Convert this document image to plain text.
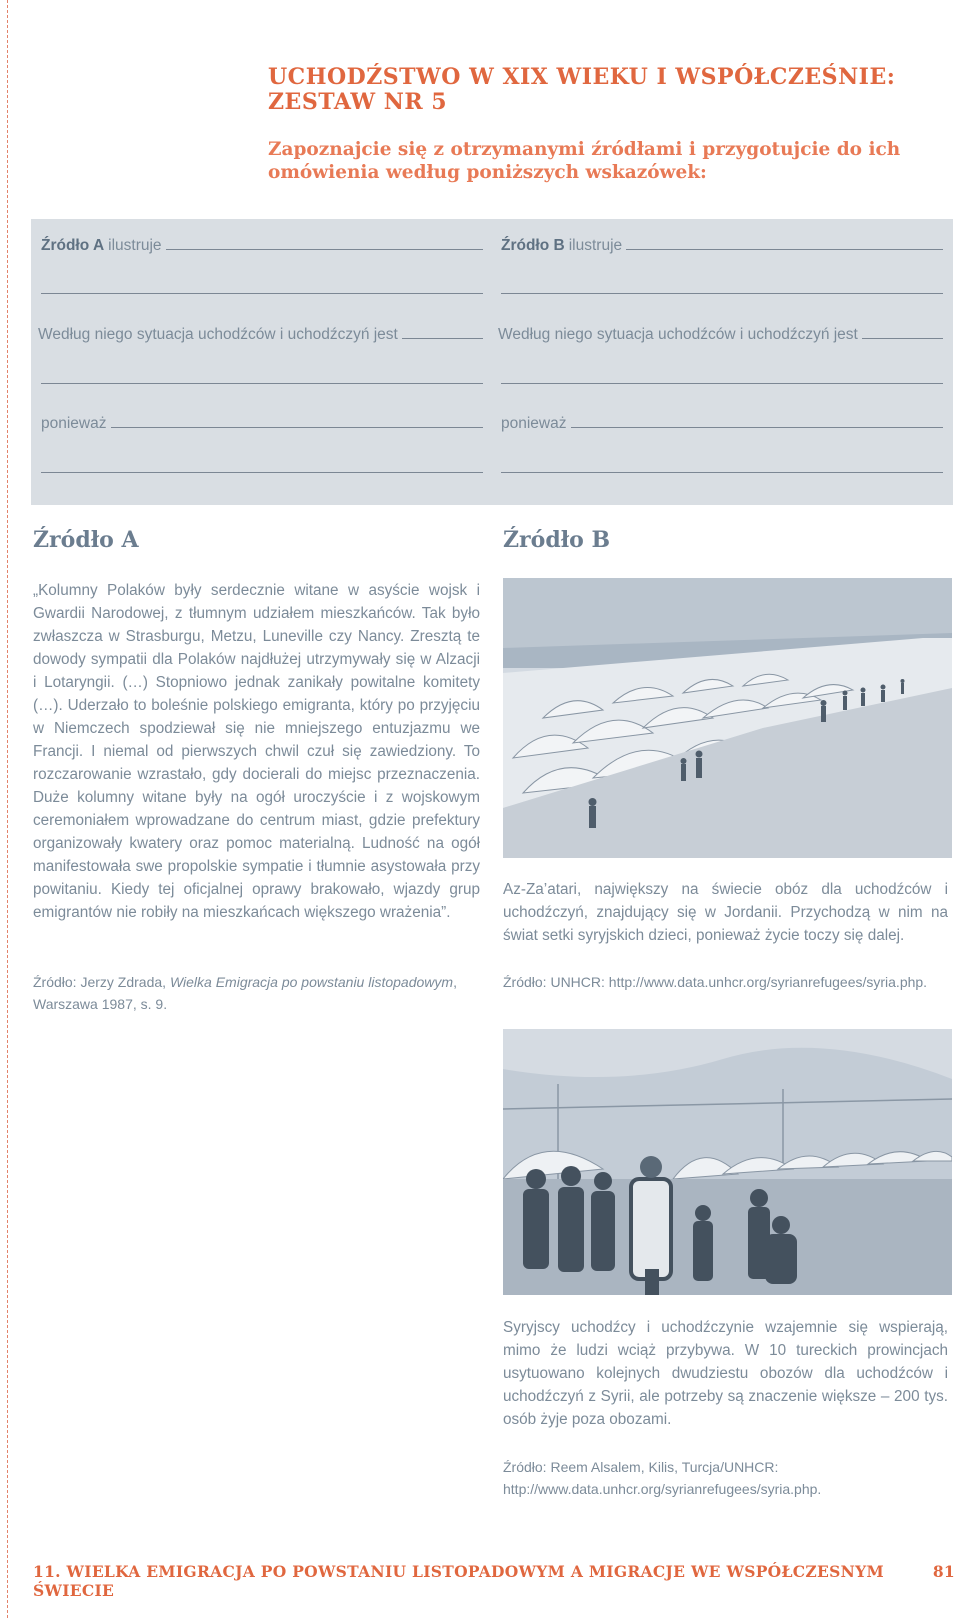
UCHODŹSTWO W XIX WIEKU I WSPÓŁCZEŚNIE:
ZESTAW NR 5

Zapoznajcie się z otrzymanymi źródłami i przygotujcie do ich omówienia według poniższych wskazówek:

Źródło A ilustruje
Według niego sytuacja uchodźców i uchodźczyń jest
ponieważ
Źródło B ilustruje
Według niego sytuacja uchodźców i uchodźczyń jest
ponieważ
Źródło A	Źródło B

„Kolumny Polaków były serdecznie witane w asyście wojsk i Gwardii Narodowej, z tłumnym udziałem mieszkańców. Tak było zwłaszcza w Strasburgu, Metzu, Luneville czy Nancy. Zresztą te dowody sympatii dla Polaków najdłużej utrzymywały się w Alzacji i Lotaryngii. (…) Stopniowo jednak zanikały powitalne komitety (…). Uderzało to boleśnie polskiego emigranta, który po przyjęciu w Niemczech spodziewał się nie mniejszego entuzjazmu we Francji. I niemal od pierwszych chwil czuł się zawiedziony. To rozczarowanie wzrastało, gdy docierali do miejsc przeznaczenia. Duże kolumny witane były na ogół uroczyście i z wojskowym ceremoniałem wprowadzane do centrum miast, gdzie prefektury organizowały kwatery oraz pomoc materialną. Ludność na ogół manifestowała swe propolskie sympatie i tłumnie asystowała przy powitaniu. Kiedy tej oficjalnej oprawy brakowało, wjazdy grup emigrantów nie robiły na mieszkańcach większego wrażenia”.

Źródło: Jerzy Zdrada, Wielka Emigracja po powstaniu listopadowym, Warszawa 1987, s. 9.

Az-Za’atari, największy na świecie obóz dla uchodźców i uchodźczyń, znajdujący się w Jordanii. Przychodzą w nim na świat setki syryjskich dzieci, ponieważ życie toczy się dalej.

Źródło: UNHCR: http://www.data.unhcr.org/syrianrefugees/syria.php.

Syryjscy uchodźcy i uchodźczynie wzajemnie się wspierają, mimo że ludzi wciąż przybywa. W 10 tureckich prowincjach usytuowano kolejnych dwudziestu obozów dla uchodźców i uchodźczyń z Syrii, ale potrzeby są znaczenie większe – 200 tys. osób żyje poza obozami.

Źródło: Reem Alsalem, Kilis, Turcja/UNHCR:
http://www.data.unhcr.org/syrianrefugees/syria.php.

11. WIELKA EMIGRACJA PO POWSTANIU LISTOPADOWYM A MIGRACJE WE WSPÓŁCZESNYM ŚWIECIE
81
